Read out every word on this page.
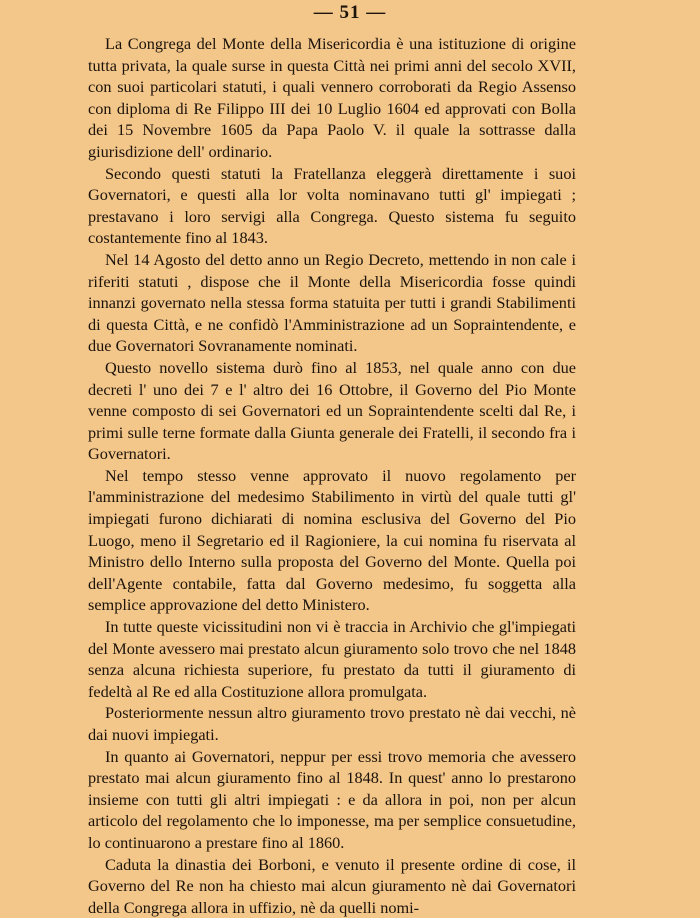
— 51 —

La Congrega del Monte della Misericordia è una istituzione di origine tutta privata, la quale surse in questa Città nei primi anni del secolo XVII, con suoi particolari statuti, i quali vennero corroborati da Regio Assenso con diploma di Re Filippo III dei 10 Luglio 1604 ed approvati con Bolla dei 15 Novembre 1605 da Papa Paolo V. il quale la sottrasse dalla giurisdizione dell' ordinario.

Secondo questi statuti la Fratellanza eleggerà direttamente i suoi Governatori, e questi alla lor volta nominavano tutti gl' impiegati ; prestavano i loro servigi alla Congrega. Questo sistema fu seguito costantemente fino al 1843.

Nel 14 Agosto del detto anno un Regio Decreto, mettendo in non cale i riferiti statuti , dispose che il Monte della Misericordia fosse quindi innanzi governato nella stessa forma statuita per tutti i grandi Stabilimenti di questa Città, e ne confidò l'Amministrazione ad un Sopraintendente, e due Governatori Sovranamente nominati.

Questo novello sistema durò fino al 1853, nel quale anno con due decreti l' uno dei 7 e l' altro dei 16 Ottobre, il Governo del Pio Monte venne composto di sei Governatori ed un Sopraintendente scelti dal Re, i primi sulle terne formate dalla Giunta generale dei Fratelli, il secondo fra i Governatori.

Nel tempo stesso venne approvato il nuovo regolamento per l'amministrazione del medesimo Stabilimento in virtù del quale tutti gl' impiegati furono dichiarati di nomina esclusiva del Governo del Pio Luogo, meno il Segretario ed il Ragioniere, la cui nomina fu riservata al Ministro dello Interno sulla proposta del Governo del Monte. Quella poi dell'Agente contabile, fatta dal Governo medesimo, fu soggetta alla semplice approvazione del detto Ministero.

In tutte queste vicissitudini non vi è traccia in Archivio che gl'impiegati del Monte avessero mai prestato alcun giuramento solo trovo che nel 1848 senza alcuna richiesta superiore, fu prestato da tutti il giuramento di fedeltà al Re ed alla Costituzione allora promulgata.

Posteriormente nessun altro giuramento trovo prestato nè dai vecchi, nè dai nuovi impiegati.

In quanto ai Governatori, neppur per essi trovo memoria che avessero prestato mai alcun giuramento fino al 1848. In quest' anno lo prestarono insieme con tutti gli altri impiegati : e da allora in poi, non per alcun articolo del regolamento che lo imponesse, ma per semplice consuetudine, lo continuarono a prestare fino al 1860.

Caduta la dinastia dei Borboni, e venuto il presente ordine di cose, il Governo del Re non ha chiesto mai alcun giuramento nè dai Governatori della Congrega allora in uffizio, nè da quelli nomi-
